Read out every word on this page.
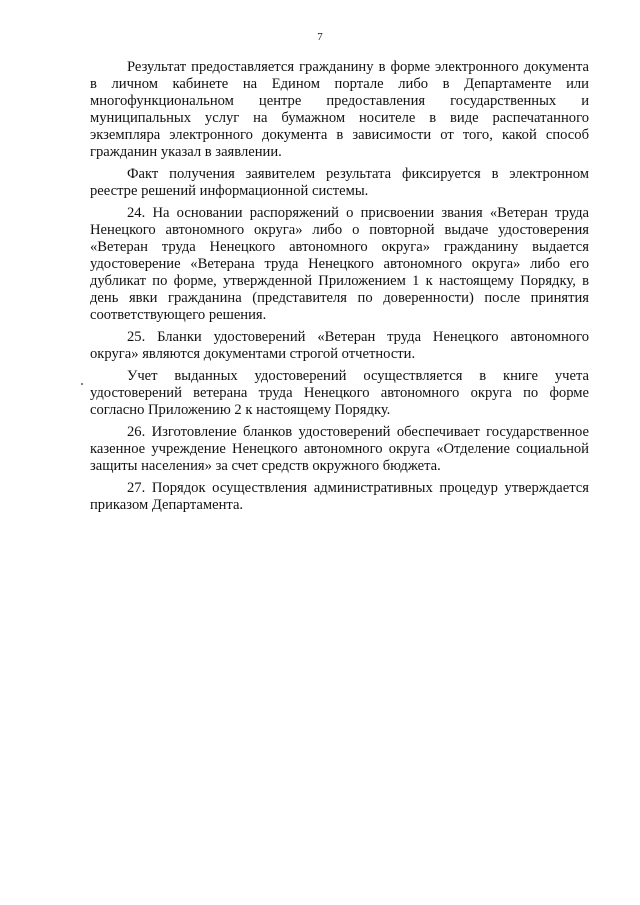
7

Результат предоставляется гражданину в форме электронного документа в личном кабинете на Едином портале либо в Департаменте или многофункциональном центре предоставления государственных и муниципальных услуг на бумажном носителе в виде распечатанного экземпляра электронного документа в зависимости от того, какой способ гражданин указал в заявлении.

Факт получения заявителем результата фиксируется в электронном реестре решений информационной системы.

24. На основании распоряжений о присвоении звания «Ветеран труда Ненецкого автономного округа» либо о повторной выдаче удостоверения «Ветеран труда Ненецкого автономного округа» гражданину выдается удостоверение «Ветерана труда Ненецкого автономного округа» либо его дубликат по форме, утвержденной Приложением 1 к настоящему Порядку, в день явки гражданина (представителя по доверенности) после принятия соответствующего решения.

25. Бланки удостоверений «Ветеран труда Ненецкого автономного округа» являются документами строгой отчетности.

Учет выданных удостоверений осуществляется в книге учета удостоверений ветерана труда Ненецкого автономного округа по форме согласно Приложению 2 к настоящему Порядку.

26. Изготовление бланков удостоверений обеспечивает государственное казенное учреждение Ненецкого автономного округа «Отделение социальной защиты населения» за счет средств окружного бюджета.

27. Порядок осуществления административных процедур утверждается приказом Департамента.
